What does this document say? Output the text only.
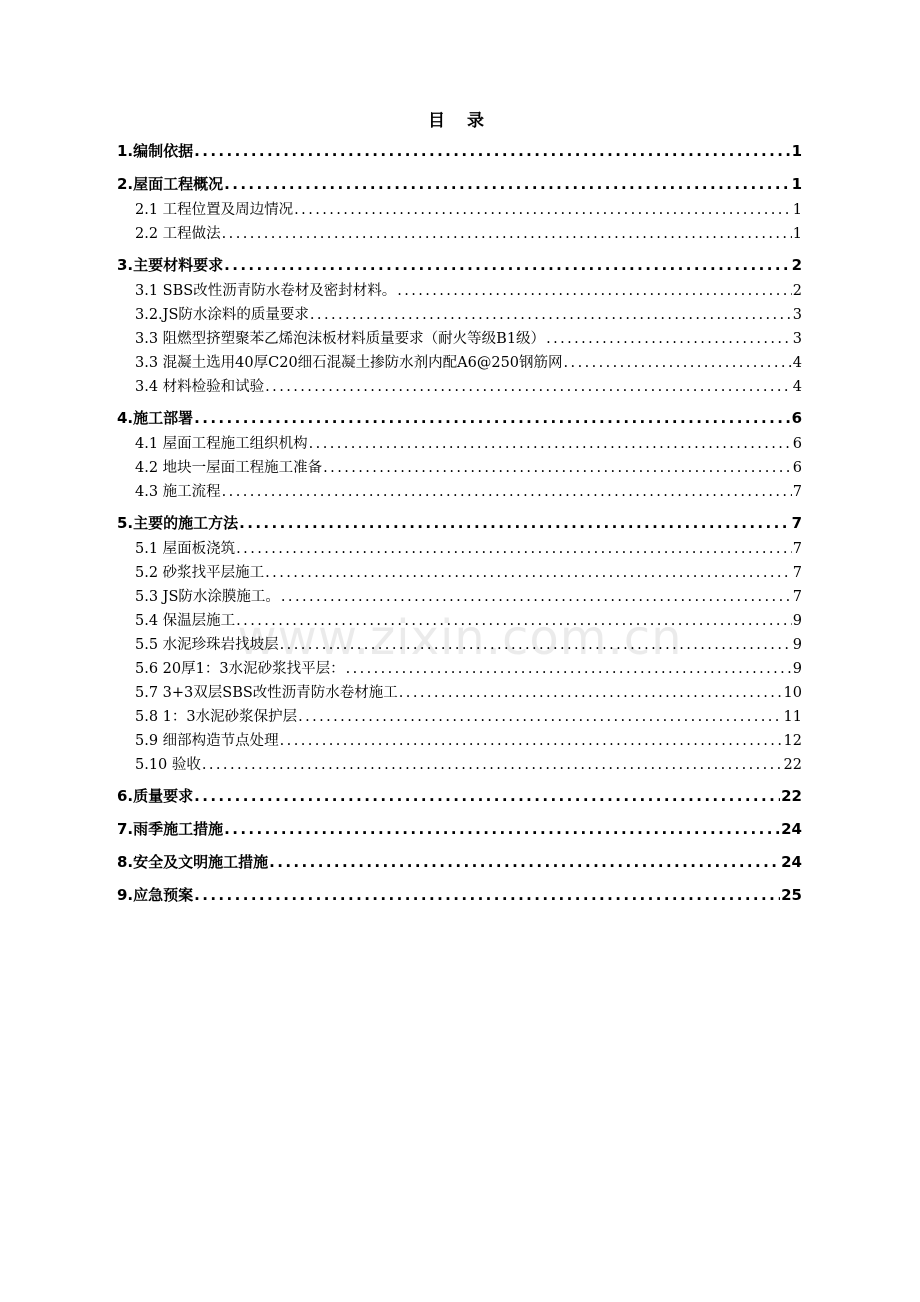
目 录
www.zixin.com.cn
1.编制依据 .....	1
2.屋面工程概况 .....	1
2.1 工程位置及周边情况 .....	1
2.2 工程做法 .....	1
3.主要材料要求 .....	2
3.1 SBS改性沥青防水卷材及密封材料。 .....	2
3.2.JS防水涂料的质量要求 .....	3
3.3 阻燃型挤塑聚苯乙烯泡沫板材料质量要求（耐火等级B1级） .....	3
3.3 混凝土选用40厚C20细石混凝土掺防水剂内配A6@250钢筋网 .....	4
3.4 材料检验和试验 .....	4
4.施工部署 .....	6
4.1 屋面工程施工组织机构 .....	6
4.2 地块一屋面工程施工准备 .....	6
4.3 施工流程 .....	7
5.主要的施工方法 .....	7
5.1 屋面板浇筑 .....	7
5.2 砂浆找平层施工 .....	7
5.3 JS防水涂膜施工。 .....	7
5.4 保温层施工 .....	9
5.5 水泥珍珠岩找坡层 .....	9
5.6 20厚1：3水泥砂浆找平层： .....	9
5.7 3+3双层SBS改性沥青防水卷材施工 .....	10
5.8 1：3水泥砂浆保护层 .....	11
5.9 细部构造节点处理 .....	12
5.10 验收 .....	22
6.质量要求 .....	22
7.雨季施工措施 .....	24
8.安全及文明施工措施 .....	24
9.应急预案 .....	25
